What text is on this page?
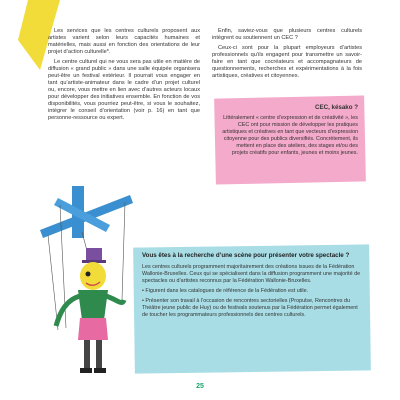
Les services que les centres culturels proposent aux artistes varient selon leurs capacités humaines et matérielles, mais aussi en fonction des orientations de leur projet d’action culturelle*.

Le centre culturel qui ne vous sera pas utile en matière de diffusion « grand public » dans une salle équipée organisera peut-être un festival extérieur. Il pourrait vous engager en tant qu’artiste-animateur dans le cadre d’un projet culturel ou, encore, vous mettre en lien avec d’autres acteurs locaux pour développer des initiatives ensemble. En fonction de vos disponibilités, vous pourriez peut-être, si vous le souhaitez, intégrer le conseil d’orientation (voir p. 16) en tant que personne-ressource ou expert.

Enfin, saviez-vous que plusieurs centres culturels intègrent ou soutiennent un CEC ?

Ceux-ci sont pour la plupart employeurs d’artistes professionnels qu’ils engagent pour transmettre un savoir-faire en tant que cocréateurs et accompagnateurs de questionnements, recherches et expérimentations à la fois artistiques, créatives et citoyennes.

CEC, késako ?
Littéralement « centre d’expression et de créativité », les CEC ont pour mission de développer les pratiques artistiques et créatives en tant que vecteurs d’expression citoyenne pour des publics diversifiés. Concrètement, ils mettent en place des ateliers, des stages et/ou des projets créatifs pour enfants, jeunes et moins jeunes.
Vous êtes à la recherche d’une scène pour présenter votre spectacle ?

Les centres culturels programment majoritairement des créations issues de la Fédération Wallonie-Bruxelles. Ceux qui se spécialisent dans la diffusion programment une majorité de spectacles ou d’artistes reconnus par la Fédération Wallonie-Bruxelles.

• Figurent dans les catalogues de référence de la Fédération est utile.

• Présenter son travail à l’occasion de rencontres sectorielles (Propulse, Rencontres du Théâtre jeune public de Huy) ou de festivals soutenus par la Fédération permet également de toucher les programmateurs professionnels des centres culturels.

25
